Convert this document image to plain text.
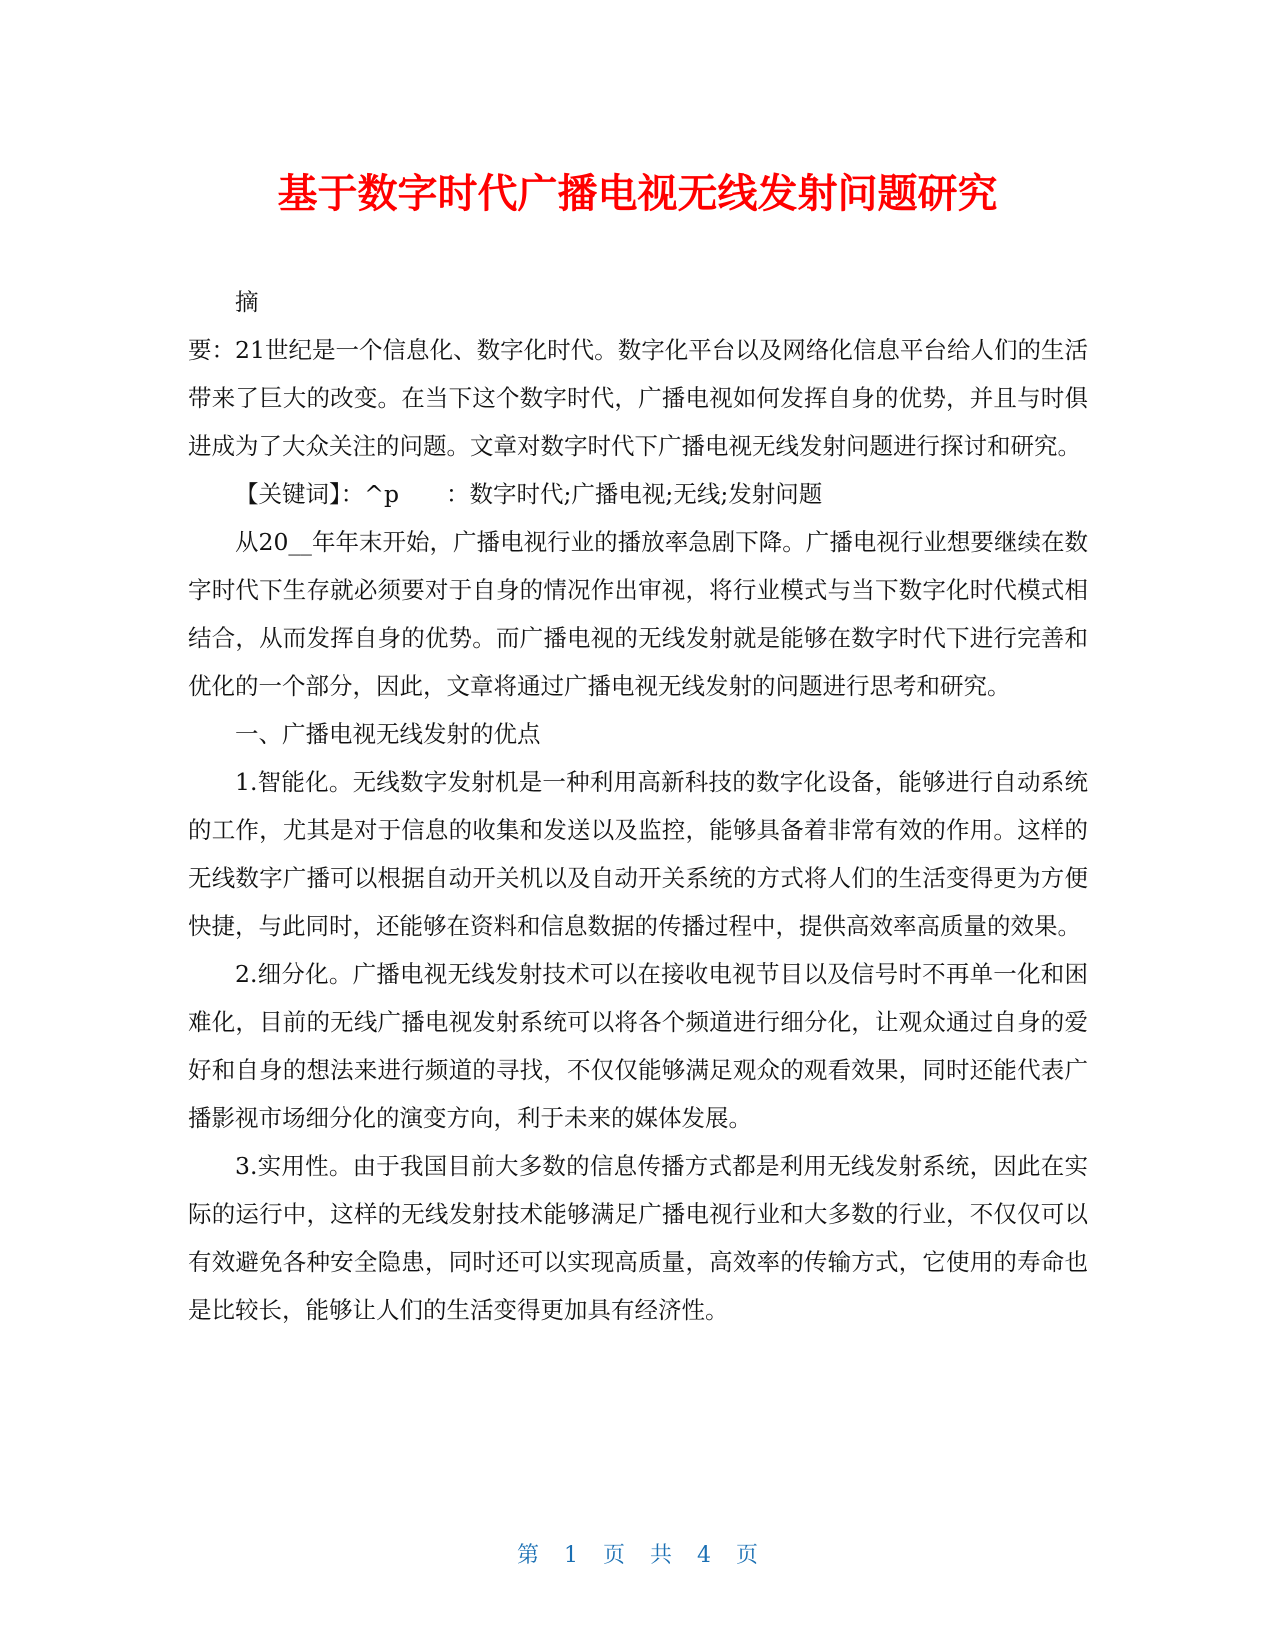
基于数字时代广播电视无线发射问题研究

摘

要：21世纪是一个信息化、数字化时代。数字化平台以及网络化信息平台给人们的生活带来了巨大的改变。在当下这个数字时代，广播电视如何发挥自身的优势，并且与时俱进成为了大众关注的问题。文章对数字时代下广播电视无线发射问题进行探讨和研究。

【关键词】：^p　　：数字时代;广播电视;无线;发射问题

从20__年年末开始，广播电视行业的播放率急剧下降。广播电视行业想要继续在数字时代下生存就必须要对于自身的情况作出审视，将行业模式与当下数字化时代模式相结合，从而发挥自身的优势。而广播电视的无线发射就是能够在数字时代下进行完善和优化的一个部分，因此，文章将通过广播电视无线发射的问题进行思考和研究。

一、广播电视无线发射的优点

1.智能化。无线数字发射机是一种利用高新科技的数字化设备，能够进行自动系统的工作，尤其是对于信息的收集和发送以及监控，能够具备着非常有效的作用。这样的无线数字广播可以根据自动开关机以及自动开关系统的方式将人们的生活变得更为方便快捷，与此同时，还能够在资料和信息数据的传播过程中，提供高效率高质量的效果。

2.细分化。广播电视无线发射技术可以在接收电视节目以及信号时不再单一化和困难化，目前的无线广播电视发射系统可以将各个频道进行细分化，让观众通过自身的爱好和自身的想法来进行频道的寻找，不仅仅能够满足观众的观看效果，同时还能代表广播影视市场细分化的演变方向，利于未来的媒体发展。

3.实用性。由于我国目前大多数的信息传播方式都是利用无线发射系统，因此在实际的运行中，这样的无线发射技术能够满足广播电视行业和大多数的行业，不仅仅可以有效避免各种安全隐患，同时还可以实现高质量，高效率的传输方式，它使用的寿命也是比较长，能够让人们的生活变得更加具有经济性。

第 1 页 共 4 页
